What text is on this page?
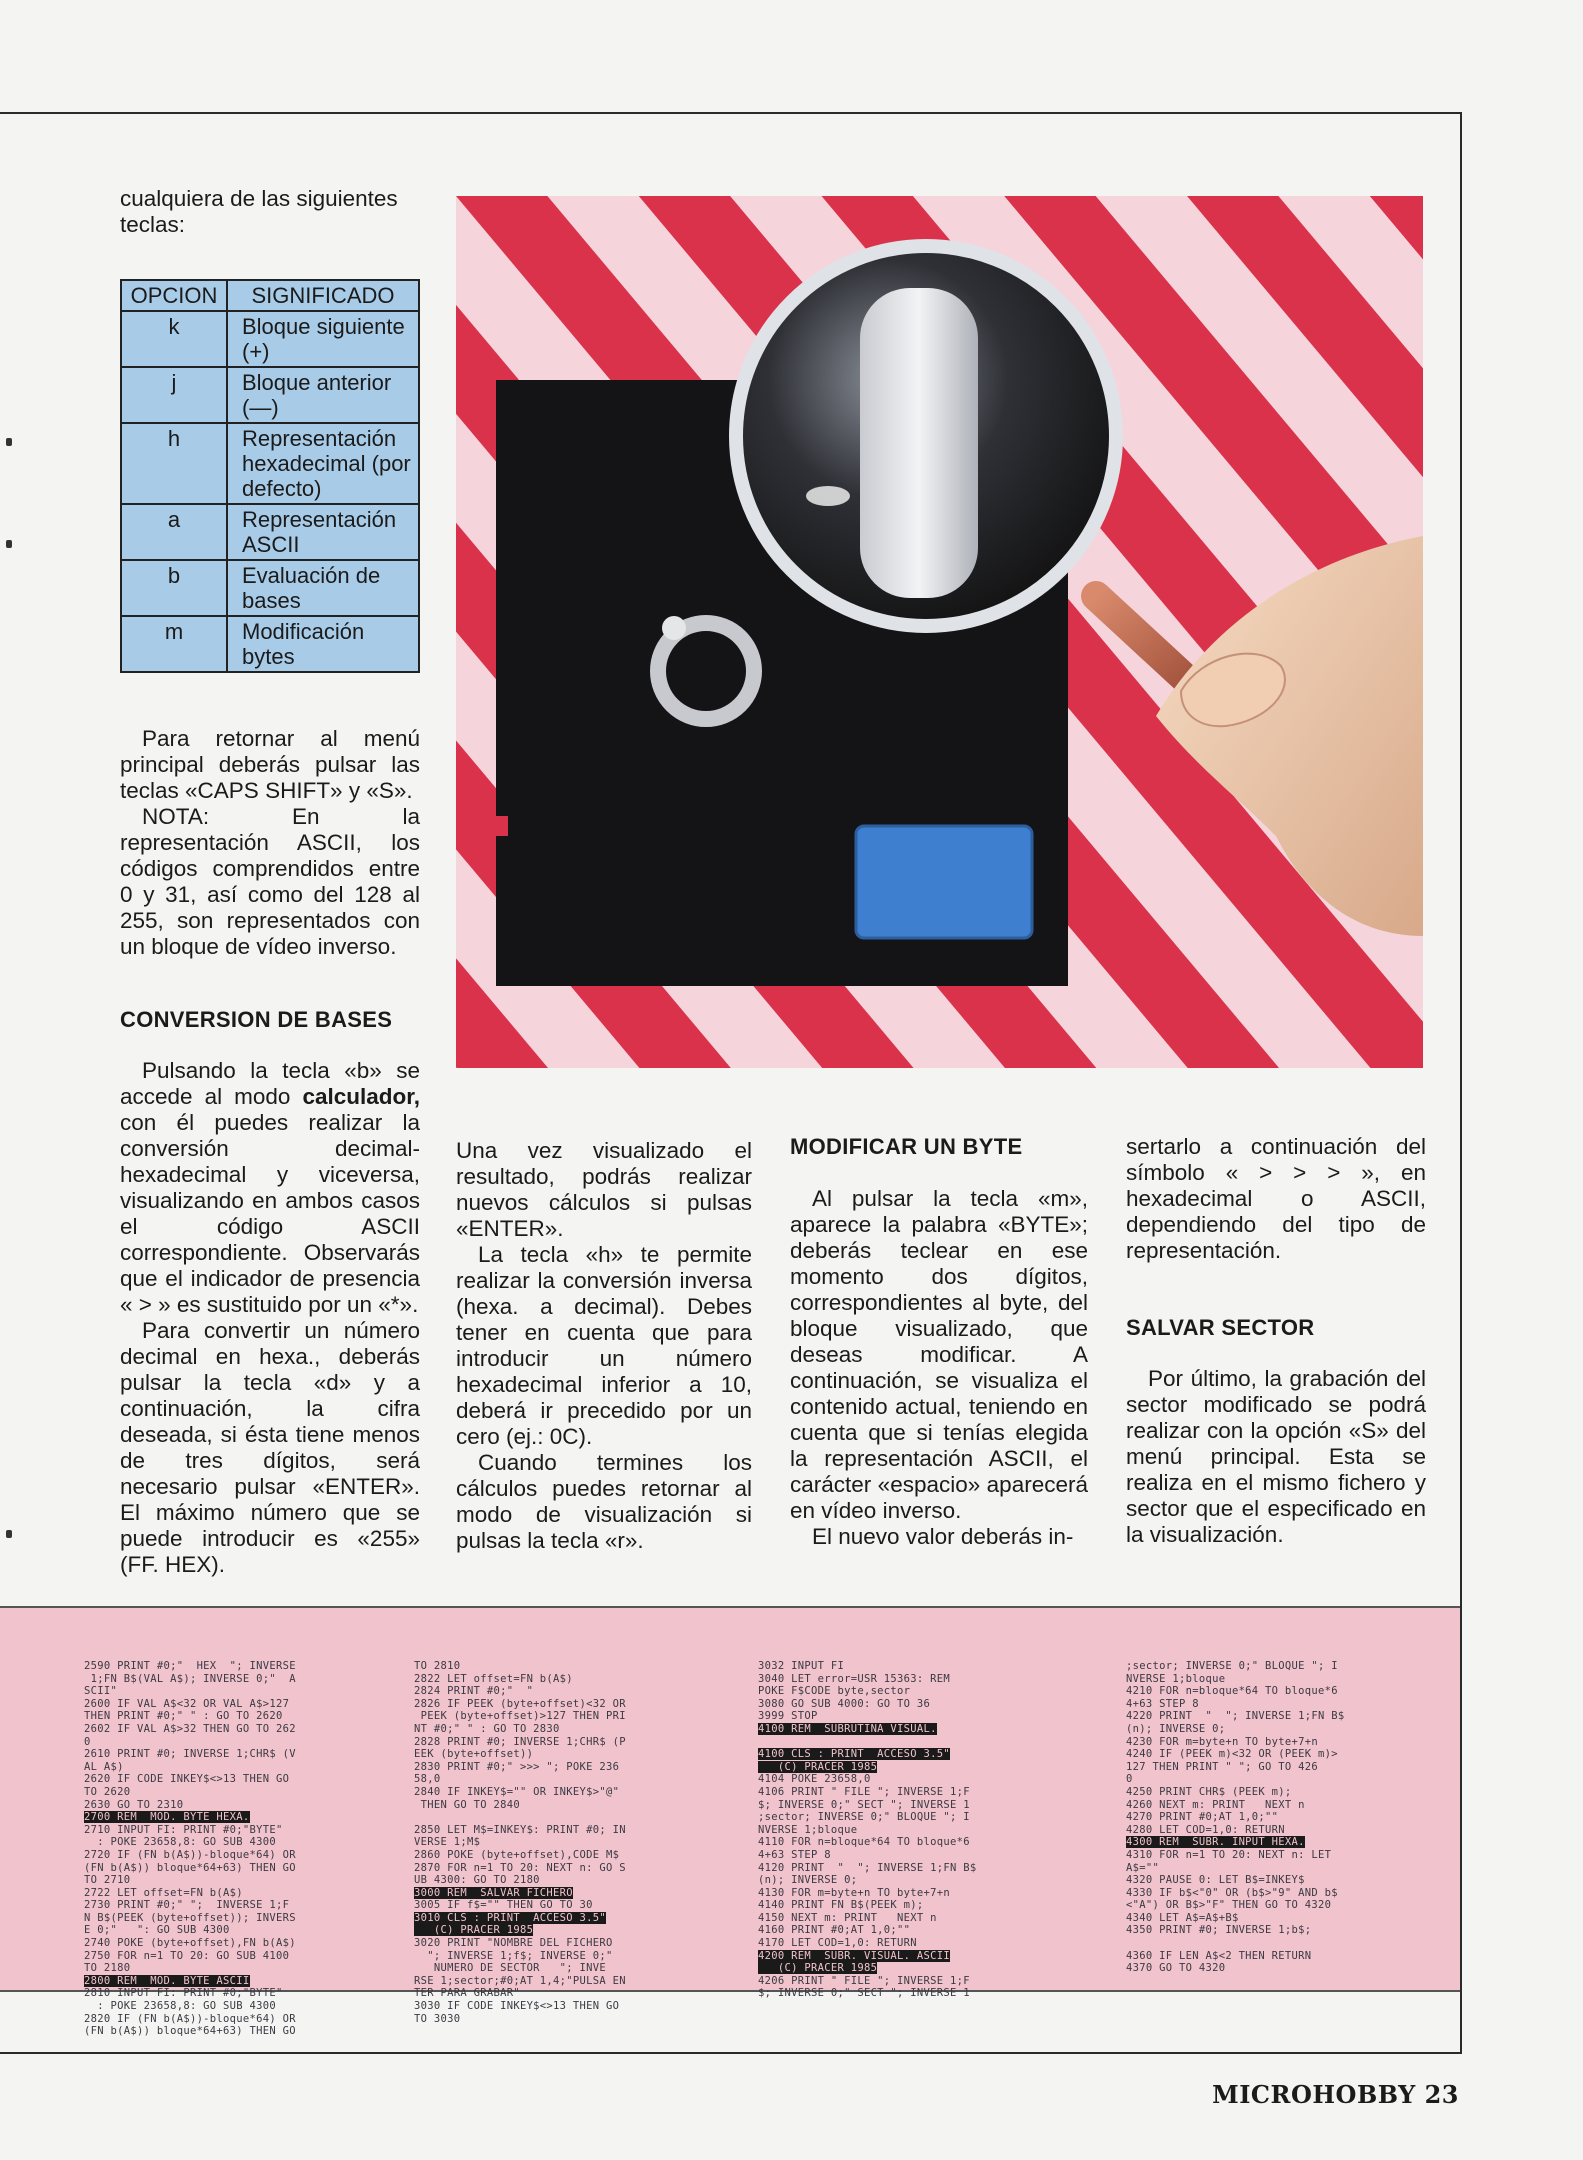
cualquiera de las siguientes teclas:

OPCION	SIGNIFICADO
k	Bloque siguiente (+)
j	Bloque anterior (—)
h	Representación hexadecimal (por defecto)
a	Representación ASCII
b	Evaluación de bases
m	Modificación bytes

Para retornar al menú principal deberás pulsar las teclas «CAPS SHIFT» y «S».

NOTA: En la representación ASCII, los códigos comprendidos entre 0 y 31, así como del 128 al 255, son representados con un bloque de vídeo inverso.

CONVERSION DE BASES

Pulsando la tecla «b» se accede al modo calculador, con él puedes realizar la conversión decimal-hexadecimal y viceversa, visualizando en ambos casos el código ASCII correspondiente. Observarás que el indicador de presencia « > » es sustituido por un «*».

Para convertir un número decimal en hexa., deberás pulsar la tecla «d» y a continuación, la cifra deseada, si ésta tiene menos de tres dígitos, será necesario pulsar «ENTER». El máximo número que se puede introducir es «255» (FF. HEX).

Una vez visualizado el resultado, podrás realizar nuevos cálculos si pulsas «ENTER».

La tecla «h» te permite realizar la conversión inversa (hexa. a decimal). Debes tener en cuenta que para introducir un número hexadecimal inferior a 10, deberá ir precedido por un cero (ej.: 0C).

Cuando termines los cálculos puedes retornar al modo de visualización si pulsas la tecla «r».

MODIFICAR UN BYTE

Al pulsar la tecla «m», aparece la palabra «BYTE»; deberás teclear en ese momento dos dígitos, correspondientes al byte, del bloque visualizado, que deseas modificar. A continuación, se visualiza el contenido actual, teniendo en cuenta que si tenías elegida la representación ASCII, el carácter «espacio» aparecerá en vídeo inverso.

El nuevo valor deberás in-

sertarlo a continuación del símbolo « > > > », en hexadecimal o ASCII, dependiendo del tipo de representación.

SALVAR SECTOR

Por último, la grabación del sector modificado se podrá realizar con la opción «S» del menú principal. Esta se realiza en el mismo fichero y sector que el especificado en la visualización.

2590 PRINT #0;"  HEX  "; INVERSE
1;FN B$(VAL A$); INVERSE 0;"  A
SCII"
2600 IF VAL A$<32 OR VAL A$>127
THEN PRINT #0;" " : GO TO 2620
2602 IF VAL A$>32 THEN GO TO 262
0
2610 PRINT #0; INVERSE 1;CHR$ (V
AL A$)
2620 IF CODE INKEY$<>13 THEN GO
TO 2620
2630 GO TO 2310
2700 REM  MOD. BYTE HEXA.
2710 INPUT FI: PRINT #0;"BYTE"
: POKE 23658,8: GO SUB 4300
2720 IF (FN b(A$))-bloque*64) OR
(FN b(A$)) bloque*64+63) THEN GO
TO 2710
2722 LET offset=FN b(A$)
2730 PRINT #0;" ";  INVERSE 1;F
N B$(PEEK (byte+offset)); INVERS
E 0;"   ": GO SUB 4300
2740 POKE (byte+offset),FN b(A$)
2750 FOR n=1 TO 20: GO SUB 4100
TO 2180
2800 REM  MOD. BYTE ASCII
2810 INPUT FI: PRINT #0;"BYTE"
: POKE 23658,8: GO SUB 4300
2820 IF (FN b(A$))-bloque*64) OR
(FN b(A$)) bloque*64+63) THEN GO
TO 2810
2822 LET offset=FN b(A$)
2824 PRINT #0;"  "
2826 IF PEEK (byte+offset)<32 OR
PEEK (byte+offset)>127 THEN PRI
NT #0;" " : GO TO 2830
2828 PRINT #0; INVERSE 1;CHR$ (P
EEK (byte+offset))
2830 PRINT #0;" >>> "; POKE 236
58,0
2840 IF INKEY$="" OR INKEY$>"@"
THEN GO TO 2840

2850 LET M$=INKEY$: PRINT #0; IN
VERSE 1;M$
2860 POKE (byte+offset),CODE M$
2870 FOR n=1 TO 20: NEXT n: GO S
UB 4300: GO TO 2180
3000 REM  SALVAR FICHERO
3005 IF f$="" THEN GO TO 30
3010 CLS : PRINT  ACCESO 3.5"
(C) PRACER 1985
3020 PRINT "NOMBRE DEL FICHERO
"; INVERSE 1;f$; INVERSE 0;"
NUMERO DE SECTOR   "; INVE
RSE 1;sector;#0;AT 1,4;"PULSA EN
TER PARA GRABAR"
3030 IF CODE INKEY$<>13 THEN GO
TO 3030
3032 INPUT FI
3040 LET error=USR 15363: REM
POKE F$CODE byte,sector
3080 GO SUB 4000: GO TO 36
3999 STOP
4100 REM  SUBRUTINA VISUAL.

4100 CLS : PRINT  ACCESO 3.5"
(C) PRACER 1985
4104 POKE 23658,0
4106 PRINT " FILE "; INVERSE 1;F
$; INVERSE 0;" SECT "; INVERSE 1
;sector; INVERSE 0;" BLOQUE "; I
NVERSE 1;bloque
4110 FOR n=bloque*64 TO bloque*6
4+63 STEP 8
4120 PRINT  "  "; INVERSE 1;FN B$
(n); INVERSE 0;
4130 FOR m=byte+n TO byte+7+n
4140 PRINT FN B$(PEEK m);
4150 NEXT m: PRINT   NEXT n
4160 PRINT #0;AT 1,0;""
4170 LET COD=1,0: RETURN
4200 REM  SUBR. VISUAL. ASCII
(C) PRACER 1985
4206 PRINT " FILE "; INVERSE 1;F
$; INVERSE 0;" SECT "; INVERSE 1
;sector; INVERSE 0;" BLOQUE "; I
NVERSE 1;bloque
4210 FOR n=bloque*64 TO bloque*6
4+63 STEP 8
4220 PRINT  "  "; INVERSE 1;FN B$
(n); INVERSE 0;
4230 FOR m=byte+n TO byte+7+n
4240 IF (PEEK m)<32 OR (PEEK m)>
127 THEN PRINT " "; GO TO 426
0
4250 PRINT CHR$ (PEEK m);
4260 NEXT m: PRINT   NEXT n
4270 PRINT #0;AT 1,0;""
4280 LET COD=1,0: RETURN
4300 REM  SUBR. INPUT HEXA.
4310 FOR n=1 TO 20: NEXT n: LET
A$=""
4320 PAUSE 0: LET B$=INKEY$
4330 IF b$<"0" OR (b$>"9" AND b$
<"A") OR B$>"F" THEN GO TO 4320
4340 LET A$=A$+B$
4350 PRINT #0; INVERSE 1;b$;

4360 IF LEN A$<2 THEN RETURN
4370 GO TO 4320
MICROHOBBY 23
